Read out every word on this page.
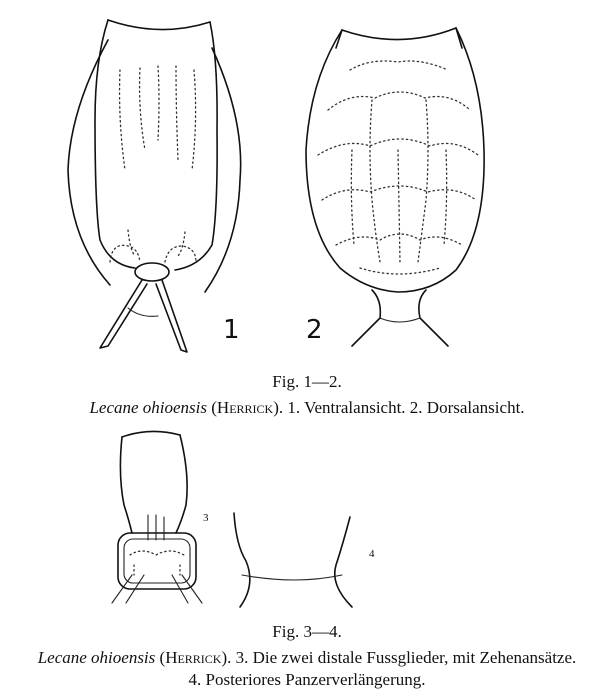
1	2
Fig. 1—2.
Lecane ohioensis (Herrick). 1. Ventralansicht. 2. Dorsalansicht.
3
4
Fig. 3—4.
Lecane ohioensis (Herrick). 3. Die zwei distale Fussglieder, mit Zehenansätze.
4. Posteriores Panzerverlängerung.
